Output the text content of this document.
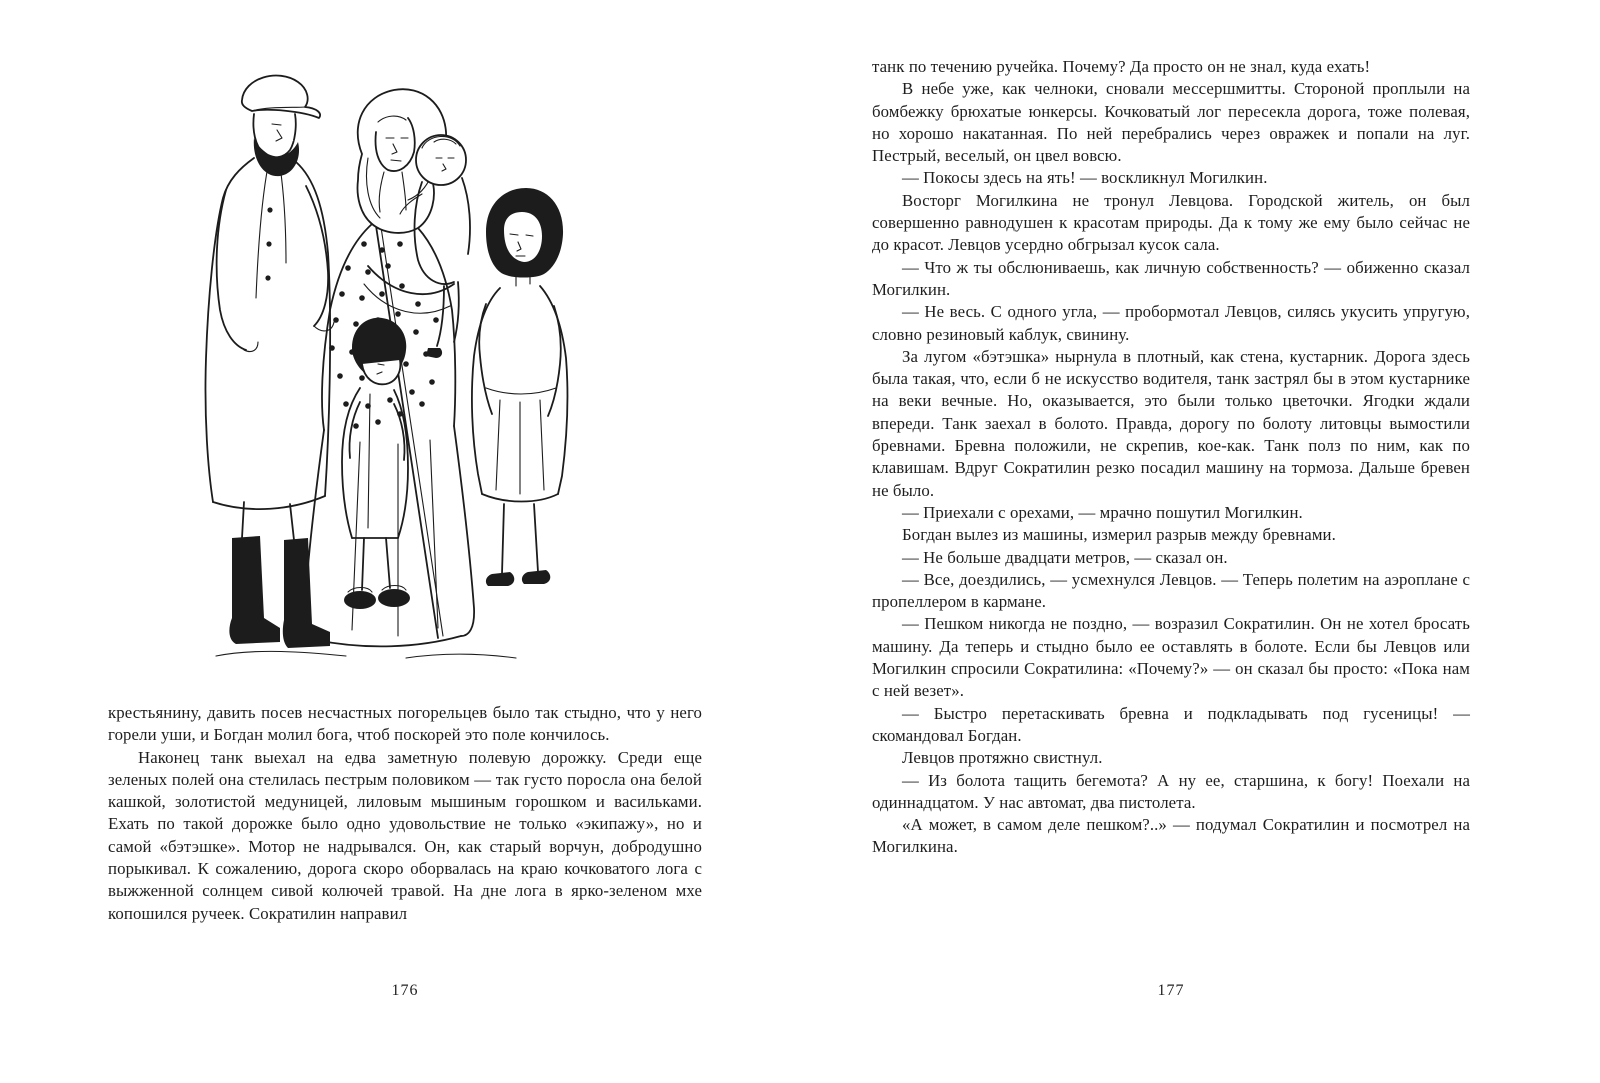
крестьянину, давить посев несчастных погорельцев было так стыдно, что у него горели уши, и Богдан молил бога, чтоб поскорей это поле кончилось.

Наконец танк выехал на едва заметную полевую дорожку. Среди еще зеленых полей она стелилась пестрым половиком — так густо поросла она белой кашкой, золотистой медуницей, лиловым мышиным горошком и васильками. Ехать по такой дорожке было одно удовольствие не только «экипажу», но и самой «бэтэшке». Мотор не надрывался. Он, как старый ворчун, добродушно порыкивал. К сожалению, дорога скоро оборвалась на краю кочковатого лога с выжженной солнцем сивой колючей травой. На дне лога в ярко-зеленом мхе копошился ручеек. Сократилин направил

176

танк по течению ручейка. Почему? Да просто он не знал, куда ехать!

В небе уже, как челноки, сновали мессершмитты. Стороной проплыли на бомбежку брюхатые юнкерсы. Кочковатый лог пересекла дорога, тоже полевая, но хорошо накатанная. По ней перебрались через овражек и попали на луг. Пестрый, веселый, он цвел вовсю.

— Покосы здесь на ять! — воскликнул Могилкин.

Восторг Могилкина не тронул Левцова. Городской житель, он был совершенно равнодушен к красотам природы. Да к тому же ему было сейчас не до красот. Левцов усердно обгрызал кусок сала.

— Что ж ты обслюниваешь, как личную собственность? — обиженно сказал Могилкин.

— Не весь. С одного угла, — пробормотал Левцов, силясь укусить упругую, словно резиновый каблук, свинину.

За лугом «бэтэшка» нырнула в плотный, как стена, кустарник. Дорога здесь была такая, что, если б не искусство водителя, танк застрял бы в этом кустарнике на веки вечные. Но, оказывается, это были только цветочки. Ягодки ждали впереди. Танк заехал в болото. Правда, дорогу по болоту литовцы вымостили бревнами. Бревна положили, не скрепив, кое-как. Танк полз по ним, как по клавишам. Вдруг Сократилин резко посадил машину на тормоза. Дальше бревен не было.

— Приехали с орехами, — мрачно пошутил Могилкин.

Богдан вылез из машины, измерил разрыв между бревнами.

— Не больше двадцати метров, — сказал он.

— Все, доездились, — усмехнулся Левцов. — Теперь полетим на аэроплане с пропеллером в кармане.

— Пешком никогда не поздно, — возразил Сократилин. Он не хотел бросать машину. Да теперь и стыдно было ее оставлять в болоте. Если бы Левцов или Могилкин спросили Сократилина: «Почему?» — он сказал бы просто: «Пока нам с ней везет».

— Быстро перетаскивать бревна и подкладывать под гусеницы! — скомандовал Богдан.

Левцов протяжно свистнул.

— Из болота тащить бегемота? А ну ее, старшина, к богу! Поехали на одиннадцатом. У нас автомат, два пистолета.

«А может, в самом деле пешком?..» — подумал Сократилин и посмотрел на Могилкина.

177
